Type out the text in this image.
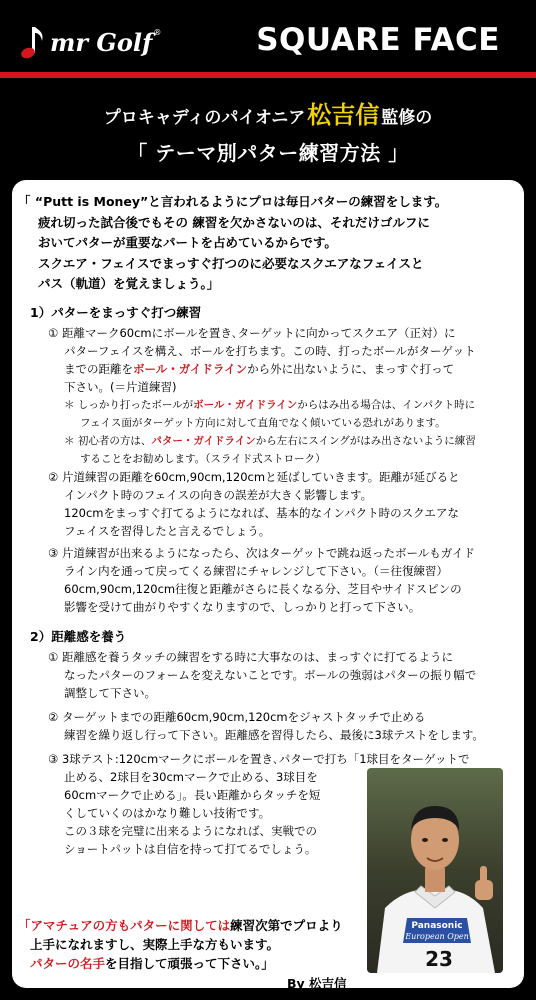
mr Golf ®	SQUARE FACE
プロキャディのパイオニア松吉信 監修の
「 テーマ別パター練習方法 」
「 “Putt is Money”と言われるようにプロは毎日パターの練習をします。
疲れ切った試合後でもその 練習を欠かさないのは、それだけゴルフに
おいてパターが重要なパートを占めているからです。
スクエア・フェイスでまっすぐ打つのに必要なスクエアなフェイスと
パス（軌道）を覚えましょう。」
1）パターをまっすぐ打つ練習
① 距離マーク60cmにボールを置き､ターゲットに向かってスクエア（正対）に
パターフェイスを構え、ボールを打ちます。この時、打ったボールがターゲット
までの距離をボール・ガイドラインから外に出ないように、まっすぐ打って
下さい。(＝片道練習)
＊ しっかり打ったボールがボール・ガイドラインからはみ出る場合は、インパクト時に
フェイス面がターゲット方向に対して直角でなく傾いている恐れがあります。
＊ 初心者の方は、パター・ガイドラインから左右にスイングがはみ出さないように練習
することをお勧めします。（スライド式ストローク）
② 片道練習の距離を60cm,90cm,120cmと延ばしていきます。距離が延びると
インパクト時のフェイスの向きの誤差が大きく影響します。
120cmをまっすぐ打てるようになれば、基本的なインパクト時のスクエアな
フェイスを習得したと言えるでしょう。
③ 片道練習が出来るようになったら、次はターゲットで跳ね返ったボールもガイド
ライン内を通って戻ってくる練習にチャレンジして下さい。（＝往復練習）
60cm,90cm,120cm往復と距離がさらに長くなる分、芝目やサイドスピンの
影響を受けて曲がりやすくなりますので、しっかりと打って下さい。
2）距離感を養う
① 距離感を養うタッチの練習をする時に大事なのは、まっすぐに打てるように
なったパターのフォームを変えないことです。ボールの強弱はパターの振り幅で
調整して下さい。
② ターゲットまでの距離60cm,90cm,120cmをジャストタッチで止める
練習を繰り返し行って下さい。距離感を習得したら、最後に3球テストをします。
③ 3球テスト:120cmマークにボールを置き､パターで打ち「1球目をターゲットで
止める、2球目を30cmマークで止める、3球目を
60cmマークで止める」。長い距離からタッチを短
くしていくのはかなり難しい技術です。
この３球を完璧に出来るようになれば、実戦での
ショートパットは自信を持って打てるでしょう。
Panasonic
European Open
23
「アマチュアの方もパターに関しては練習次第でプロより
上手になれますし、実際上手な方もいます。
パターの名手を目指して頑張って下さい。」
By 松吉信
